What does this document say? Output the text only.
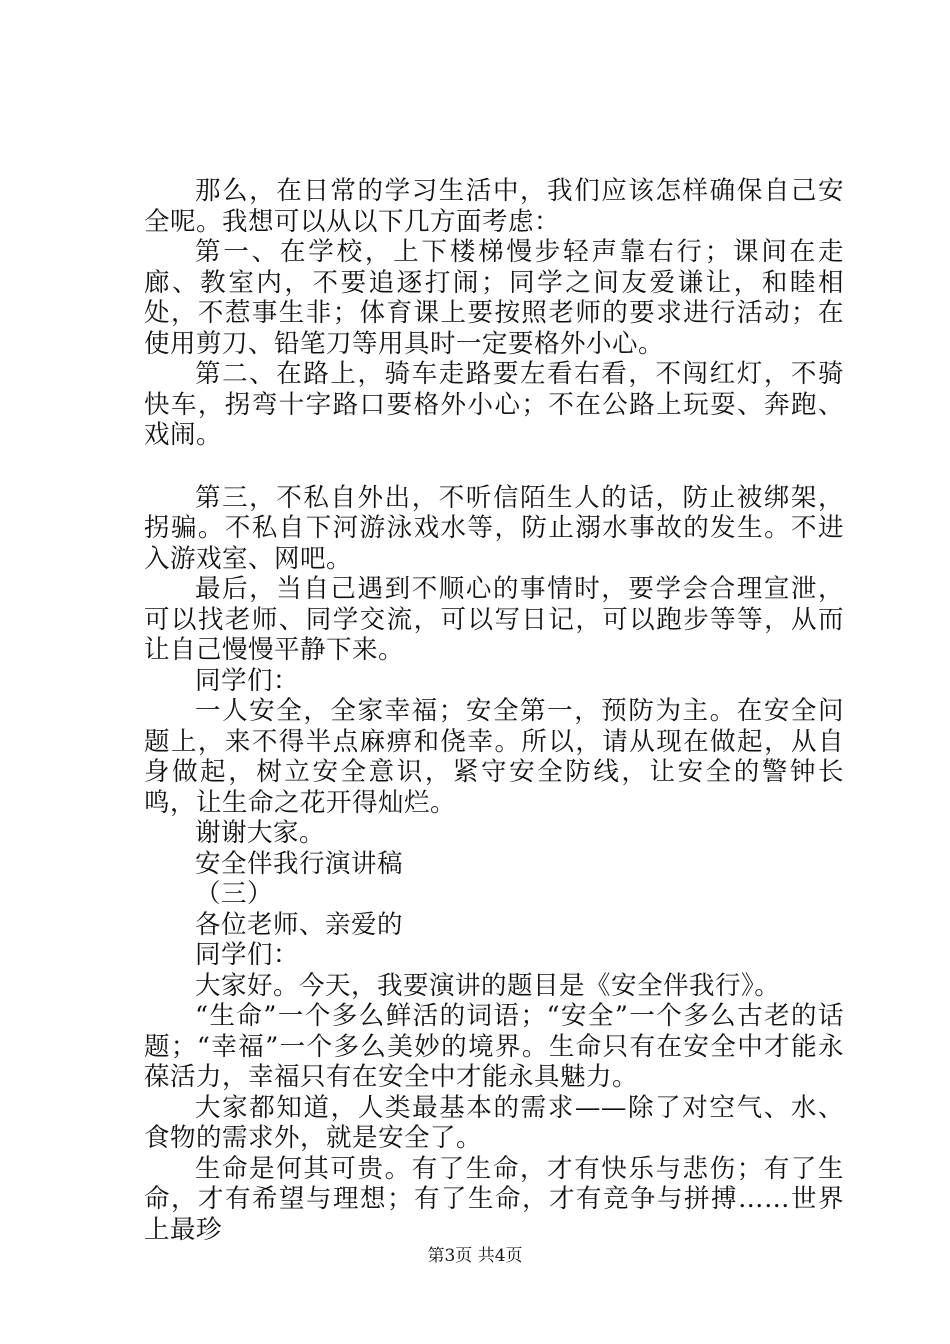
那么，在日常的学习生活中，我们应该怎样确保自己安全呢。我想可以从以下几方面考虑：

第一、在学校，上下楼梯慢步轻声靠右行；课间在走廊、教室内，不要追逐打闹；同学之间友爱谦让，和睦相处，不惹事生非；体育课上要按照老师的要求进行活动；在使用剪刀、铅笔刀等用具时一定要格外小心。

第二、在路上，骑车走路要左看右看，不闯红灯，不骑快车，拐弯十字路口要格外小心；不在公路上玩耍、奔跑、戏闹。

第三，不私自外出，不听信陌生人的话，防止被绑架，拐骗。不私自下河游泳戏水等，防止溺水事故的发生。不进入游戏室、网吧。

最后，当自己遇到不顺心的事情时，要学会合理宣泄，可以找老师、同学交流，可以写日记，可以跑步等等，从而让自己慢慢平静下来。

同学们：

一人安全，全家幸福；安全第一，预防为主。在安全问题上，来不得半点麻痹和侥幸。所以，请从现在做起，从自身做起，树立安全意识，紧守安全防线，让安全的警钟长鸣，让生命之花开得灿烂。

谢谢大家。

安全伴我行演讲稿

（三）

各位老师、亲爱的

同学们：

大家好。今天，我要演讲的题目是《安全伴我行》。

“生命”一个多么鲜活的词语；“安全”一个多么古老的话题；“幸福”一个多么美妙的境界。生命只有在安全中才能永葆活力，幸福只有在安全中才能永具魅力。

大家都知道，人类最基本的需求——除了对空气、水、食物的需求外，就是安全了。

生命是何其可贵。有了生命，才有快乐与悲伤；有了生命，才有希望与理想；有了生命，才有竞争与拼搏……世界上最珍

第3页 共4页
